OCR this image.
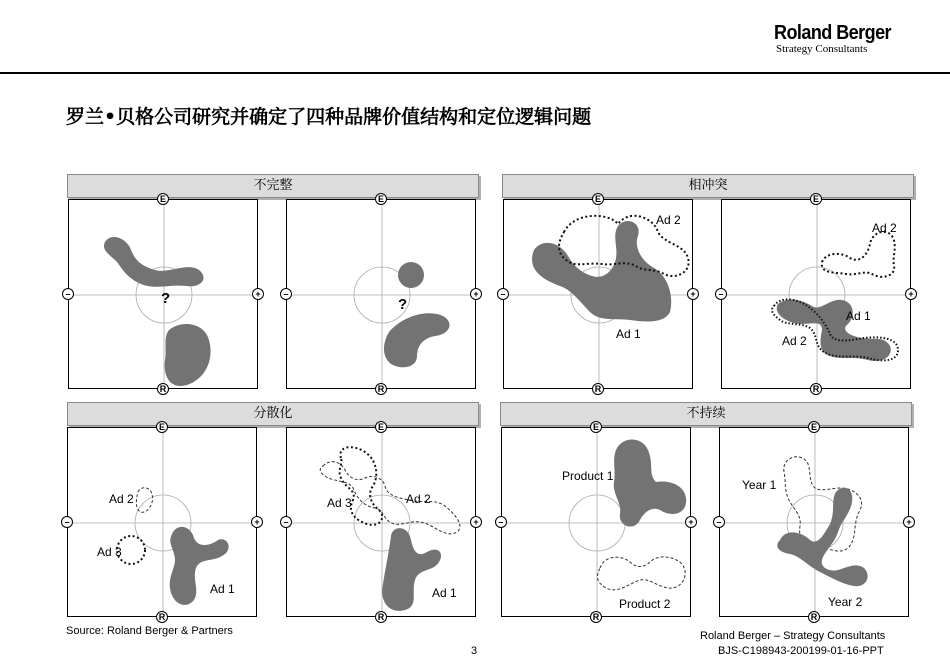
Roland Berger
Strategy Consultants
罗兰•贝格公司研究并确定了四种品牌价值结构和定位逻辑问题
不完整	相冲突
分散化	不持续
?	?
Ad 2
Ad 1
Ad 2
Ad 1
Ad 2
Ad 2
Ad 3
Ad 1
Ad 3	Ad 2
Ad 1
Product 1
Product 2
Year 1
Year 2
E
R
–	+
E
R
–	+
E
R
–	+
E
R
–	+
E
R
–	+
E
R
–	+
E
R
–	+
E
R
–	+
Source: Roland Berger & Partners
3
Roland Berger – Strategy Consultants
BJS-C198943-200199-01-16-PPT
